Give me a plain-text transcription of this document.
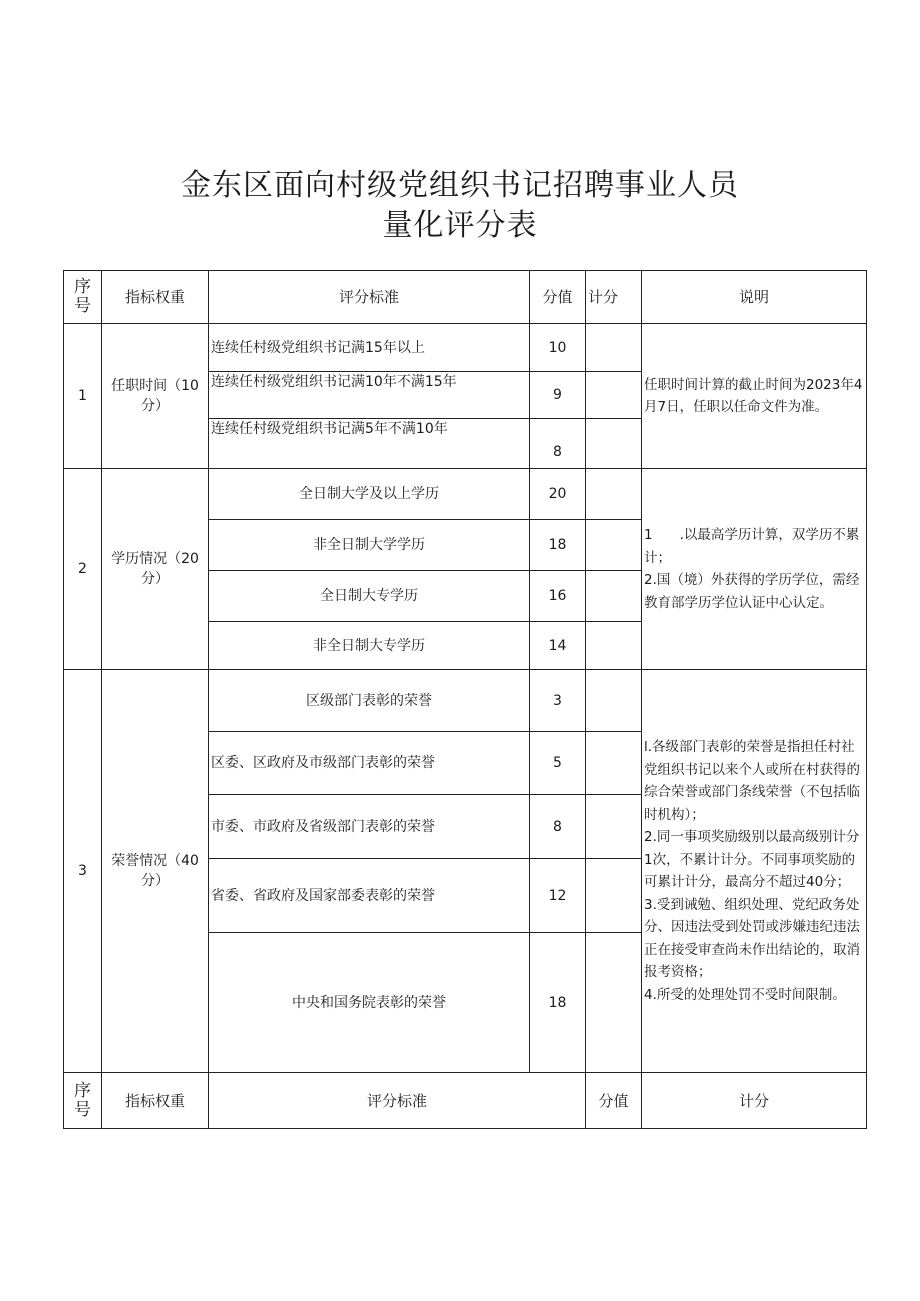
金东区面向村级党组织书记招聘事业人员
量化评分表
序号	指标权重	评分标准	分值	计分	说明
1	任职时间（10分）	连续任村级党组织书记满15年以上	10		任职时间计算的截止时间为2023年4月7日，任职以任命文件为准。
		连续任村级党组织书记满10年不满15年	9		
		连续任村级党组织书记满5年不满10年	8		
2	学历情况（20分）	全日制大学及以上学历	20		1　　.以最高学历计算，双学历不累计；
2.国（境）外获得的学历学位，需经教育部学历学位认证中心认定。
		非全日制大学学历	18		
		全日制大专学历	16		
		非全日制大专学历	14		
3	荣誉情况（40分）	区级部门表彰的荣誉	3		l.各级部门表彰的荣誉是指担任村社党组织书记以来个人或所在村获得的综合荣誉或部门条线荣誉（不包括临时机构）；
2.同一事项奖励级别以最高级别计分1次，不累计计分。不同事项奖励的可累计计分，最高分不超过40分；
3.受到诫勉、组织处理、党纪政务处分、因违法受到处罚或涉嫌违纪违法正在接受审查尚未作出结论的，取消报考资格；
4.所受的处理处罚不受时间限制。
		区委、区政府及市级部门表彰的荣誉	5		
		市委、市政府及省级部门表彰的荣誉	8		
		省委、省政府及国家部委表彰的荣誉	12		
		中央和国务院表彰的荣誉	18		
序号	指标权重	评分标准		分值	计分
